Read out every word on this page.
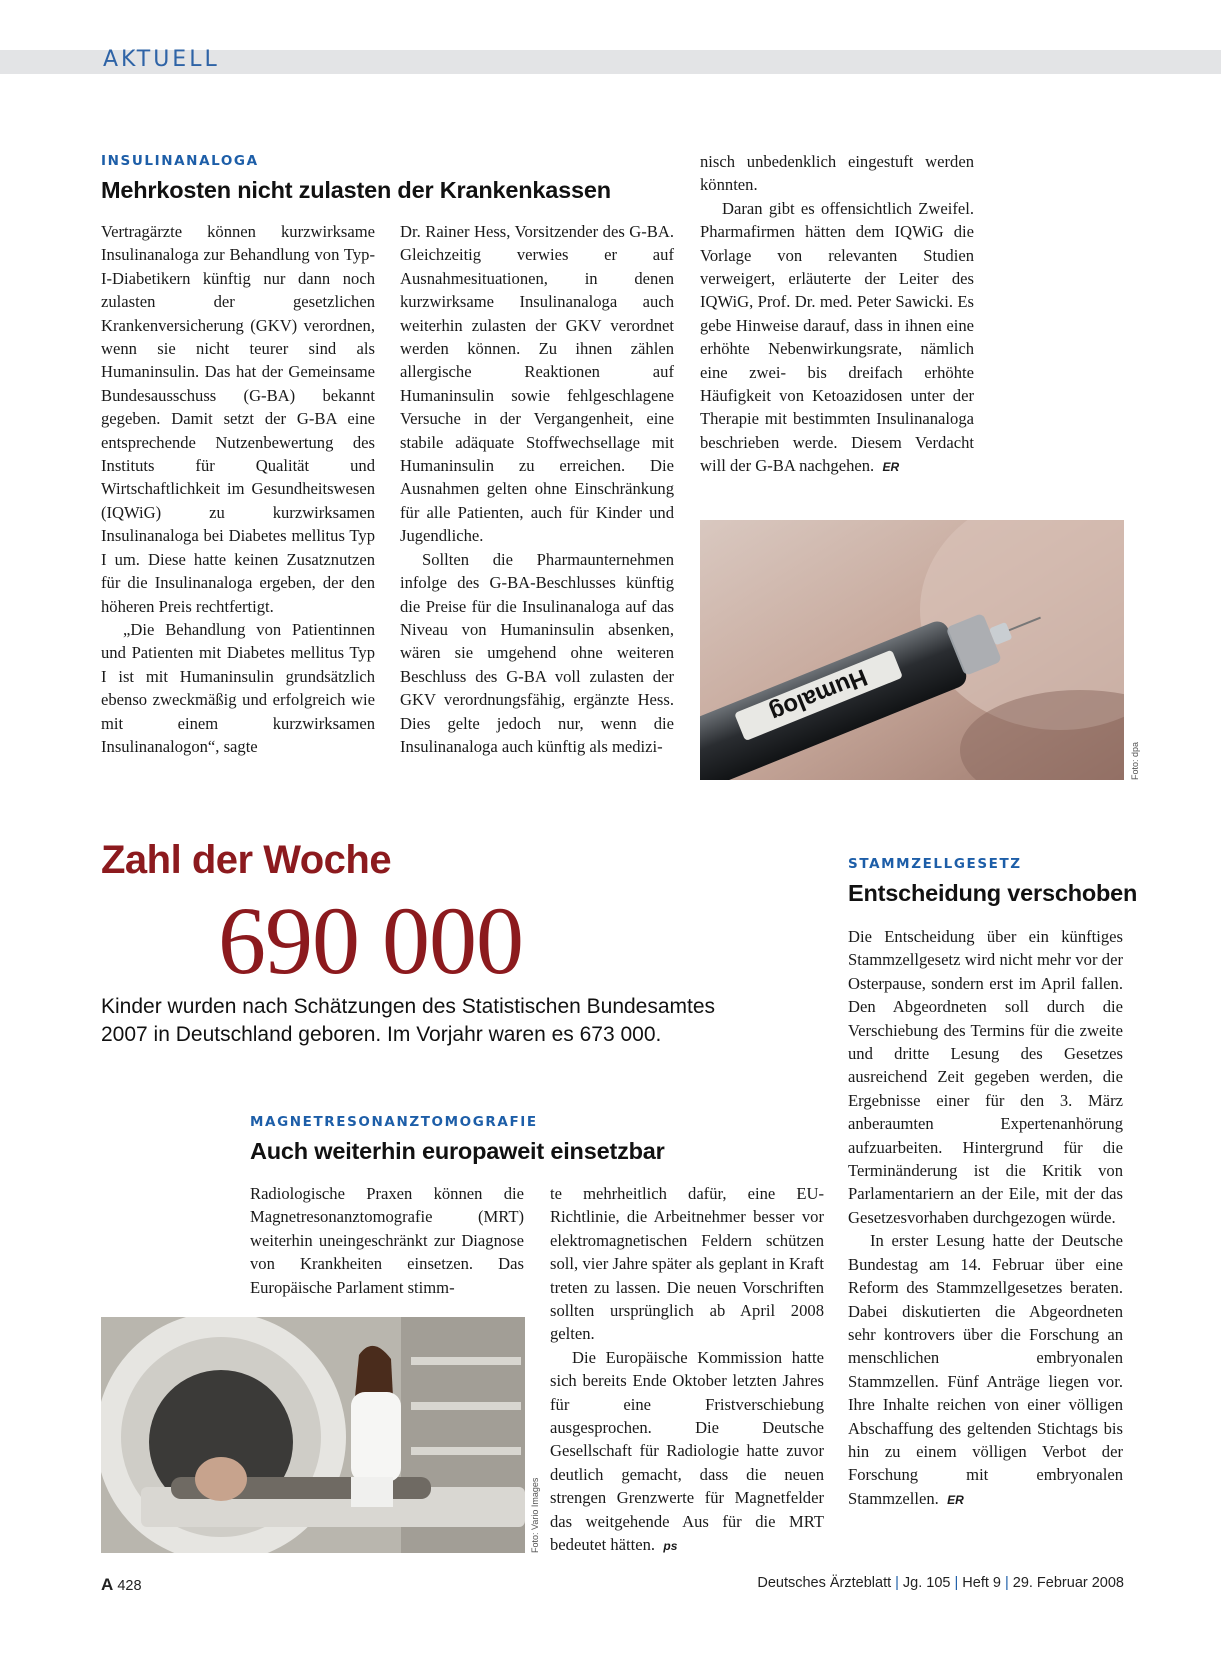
AKTUELL
INSULINANALOGA
Mehrkosten nicht zulasten der Krankenkassen

Vertragärzte können kurzwirksame Insulinanaloga zur Behandlung von Typ-I-Diabetikern künftig nur dann noch zulasten der gesetzlichen Krankenversicherung (GKV) verordnen, wenn sie nicht teurer sind als Humaninsulin. Das hat der Gemeinsame Bundesausschuss (G-BA) bekannt gegeben. Damit setzt der G-BA eine entsprechende Nutzenbewertung des Instituts für Qualität und Wirtschaftlichkeit im Gesundheitswesen (IQWiG) zu kurzwirksamen Insulinanaloga bei Diabetes mellitus Typ I um. Diese hatte keinen Zusatznutzen für die Insulinanaloga ergeben, der den höheren Preis rechtfertigt.

„Die Behandlung von Patientinnen und Patienten mit Diabetes mellitus Typ I ist mit Humaninsulin grundsätzlich ebenso zweckmäßig und erfolgreich wie mit einem kurzwirksamen Insulinanalogon“, sagte

Dr. Rainer Hess, Vorsitzender des G-BA. Gleichzeitig verwies er auf Ausnahmesituationen, in denen kurzwirksame Insulinanaloga auch weiterhin zulasten der GKV verordnet werden können. Zu ihnen zählen allergische Reaktionen auf Humaninsulin sowie fehlgeschlagene Versuche in der Vergangenheit, eine stabile adäquate Stoffwechsellage mit Humaninsulin zu erreichen. Die Ausnahmen gelten ohne Einschränkung für alle Patienten, auch für Kinder und Jugendliche.

Sollten die Pharmaunternehmen infolge des G-BA-Beschlusses künftig die Preise für die Insulinanaloga auf das Niveau von Humaninsulin absenken, wären sie umgehend ohne weiteren Beschluss des G-BA voll zulasten der GKV verordnungsfähig, ergänzte Hess. Dies gelte jedoch nur, wenn die Insulinanaloga auch künftig als medizi-

nisch unbedenklich eingestuft werden könnten.

Daran gibt es offensichtlich Zweifel. Pharmafirmen hätten dem IQWiG die Vorlage von relevanten Studien verweigert, erläuterte der Leiter des IQWiG, Prof. Dr. med. Peter Sawicki. Es gebe Hinweise darauf, dass in ihnen eine erhöhte Nebenwirkungsrate, nämlich eine zwei- bis dreifach erhöhte Häufigkeit von Ketoazidosen unter der Therapie mit bestimmten Insulinanaloga beschrieben werde. Diesem Verdacht will der G-BA nachgehen. ER

Humalog
Foto: dpa
Zahl der Woche
690 000
Kinder wurden nach Schätzungen des Statistischen Bundesamtes 2007 in Deutschland geboren. Im Vorjahr waren es 673 000.
MAGNETRESONANZTOMOGRAFIE
Auch weiterhin europaweit einsetzbar

Radiologische Praxen können die Magnetresonanztomografie (MRT) weiterhin uneingeschränkt zur Diagnose von Krankheiten einsetzen. Das Europäische Parlament stimm-

te mehrheitlich dafür, eine EU-Richtlinie, die Arbeitnehmer besser vor elektromagnetischen Feldern schützen soll, vier Jahre später als geplant in Kraft treten zu lassen. Die neuen Vorschriften sollten ursprünglich ab April 2008 gelten.

Die Europäische Kommission hatte sich bereits Ende Oktober letzten Jahres für eine Fristverschiebung ausgesprochen. Die Deutsche Gesellschaft für Radiologie hatte zuvor deutlich gemacht, dass die neuen strengen Grenzwerte für Magnetfelder das weitgehende Aus für die MRT bedeutet hätten. ps

Foto: Vario Images
STAMMZELLGESETZ
Entscheidung verschoben

Die Entscheidung über ein künftiges Stammzellgesetz wird nicht mehr vor der Osterpause, sondern erst im April fallen. Den Abgeordneten soll durch die Verschiebung des Termins für die zweite und dritte Lesung des Gesetzes ausreichend Zeit gegeben werden, die Ergebnisse einer für den 3. März anberaumten Expertenanhörung aufzuarbeiten. Hintergrund für die Terminänderung ist die Kritik von Parlamentariern an der Eile, mit der das Gesetzesvorhaben durchgezogen würde.

In erster Lesung hatte der Deutsche Bundestag am 14. Februar über eine Reform des Stammzellgesetzes beraten. Dabei diskutierten die Abgeordneten sehr kontrovers über die Forschung an menschlichen embryonalen Stammzellen. Fünf Anträge liegen vor. Ihre Inhalte reichen von einer völligen Abschaffung des geltenden Stichtags bis hin zu einem völligen Verbot der Forschung mit embryonalen Stammzellen. ER

A 428	Deutsches Ärzteblatt | Jg. 105 | Heft 9 | 29. Februar 2008
